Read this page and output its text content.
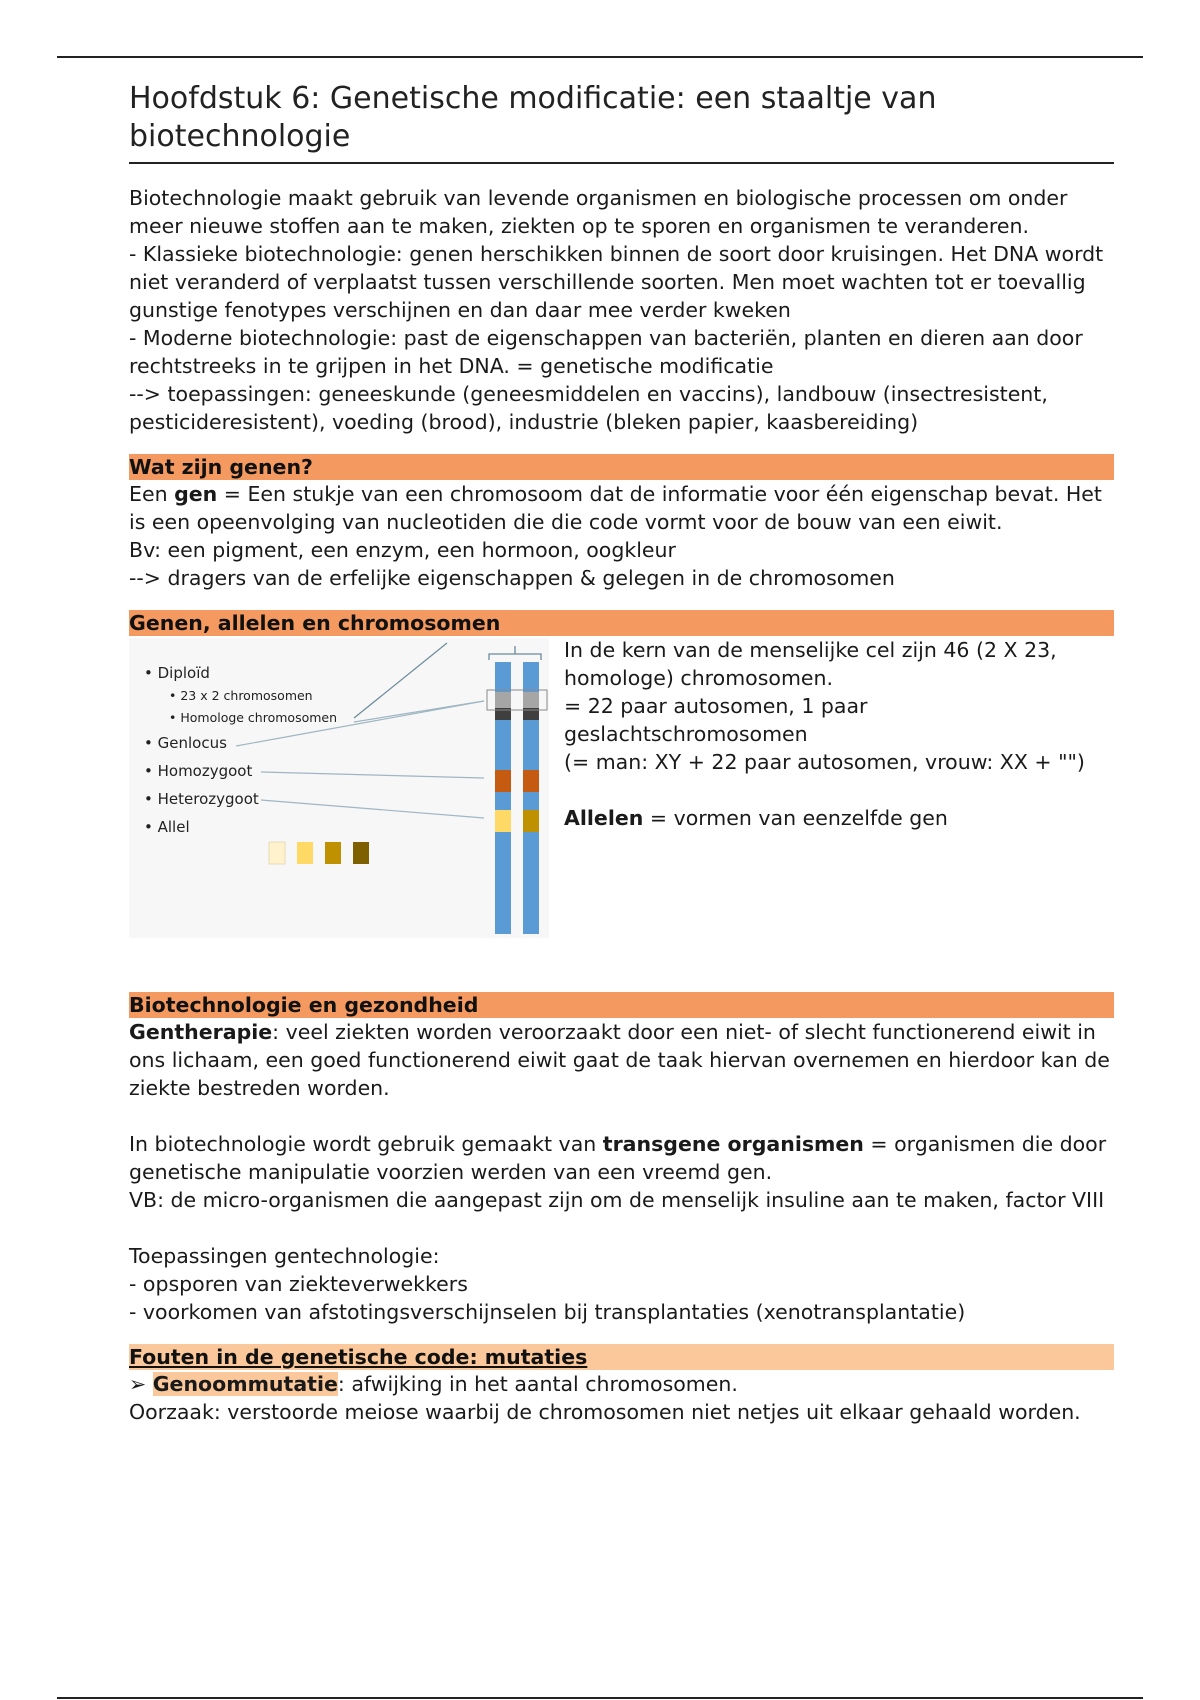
Hoofdstuk 6: Genetische modificatie: een staaltje van biotechnologie

Biotechnologie maakt gebruik van levende organismen en biologische processen om onder meer nieuwe stoffen aan te maken, ziekten op te sporen en organismen te veranderen.

- Klassieke biotechnologie: genen herschikken binnen de soort door kruisingen. Het DNA wordt niet veranderd of verplaatst tussen verschillende soorten. Men moet wachten tot er toevallig gunstige fenotypes verschijnen en dan daar mee verder kweken

- Moderne biotechnologie: past de eigenschappen van bacteriën, planten en dieren aan door rechtstreeks in te grijpen in het DNA. = genetische modificatie

--> toepassingen: geneeskunde (geneesmiddelen en vaccins), landbouw (insectresistent, pesticideresistent), voeding (brood), industrie (bleken papier, kaasbereiding)

Wat zijn genen?

Een gen = Een stukje van een chromosoom dat de informatie voor één eigenschap bevat. Het is een opeenvolging van nucleotiden die die code vormt voor de bouw van een eiwit.

Bv: een pigment, een enzym, een hormoon, oogkleur

--> dragers van de erfelijke eigenschappen & gelegen in de chromosomen

Genen, allelen en chromosomen
• Diploïd
• 23 x 2 chromosomen
• Homologe chromosomen
• Genlocus
• Homozygoot
• Heterozygoot
• Allel

In de kern van de menselijke cel zijn 46 (2 X 23, homologe) chromosomen.

= 22 paar autosomen, 1 paar geslachtschromosomen

(= man: XY + 22 paar autosomen, vrouw: XX + "")

Allelen = vormen van eenzelfde gen

Biotechnologie en gezondheid

Gentherapie: veel ziekten worden veroorzaakt door een niet- of slecht functionerend eiwit in ons lichaam, een goed functionerend eiwit gaat de taak hiervan overnemen en hierdoor kan de ziekte bestreden worden.

In biotechnologie wordt gebruik gemaakt van transgene organismen = organismen die door genetische manipulatie voorzien werden van een vreemd gen.

VB: de micro-organismen die aangepast zijn om de menselijk insuline aan te maken, factor VIII

Toepassingen gentechnologie:

- opsporen van ziekteverwekkers

- voorkomen van afstotingsverschijnselen bij transplantaties (xenotransplantatie)

Fouten in de genetische code: mutaties

➢ Genoommutatie: afwijking in het aantal chromosomen.

Oorzaak: verstoorde meiose waarbij de chromosomen niet netjes uit elkaar gehaald worden.
